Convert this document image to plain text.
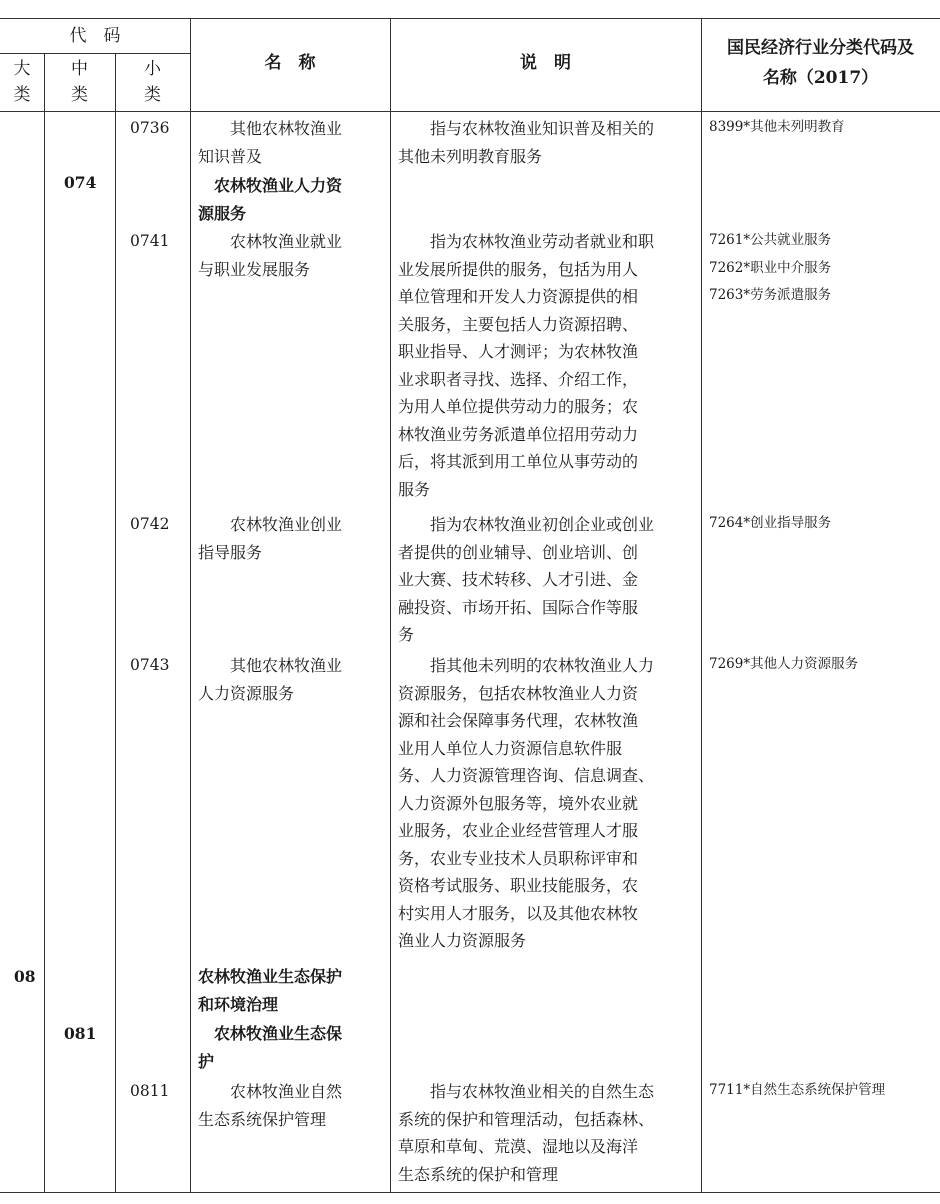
代　码

大
类

中
类

小
类

名　称	说　明

国民经济行业分类代码及
名称（2017）

08

074

081

0736

0741

0742

0743

0811

　　其他农林牧渔业
知识普及

　农林牧渔业人力资
源服务

　　农林牧渔业就业
与职业发展服务

　　农林牧渔业创业
指导服务

　　其他农林牧渔业
人力资源服务

农林牧渔业生态保护
和环境治理

　农林牧渔业生态保
护

　　农林牧渔业自然
生态系统保护管理

　　指与农林牧渔业知识普及相关的
其他未列明教育服务

　　指为农林牧渔业劳动者就业和职
业发展所提供的服务，包括为用人
单位管理和开发人力资源提供的相
关服务，主要包括人力资源招聘、
职业指导、人才测评；为农林牧渔
业求职者寻找、选择、介绍工作，
为用人单位提供劳动力的服务；农
林牧渔业劳务派遣单位招用劳动力
后，将其派到用工单位从事劳动的
服务

　　指为农林牧渔业初创企业或创业
者提供的创业辅导、创业培训、创
业大赛、技术转移、人才引进、金
融投资、市场开拓、国际合作等服
务

　　指其他未列明的农林牧渔业人力
资源服务，包括农林牧渔业人力资
源和社会保障事务代理，农林牧渔
业用人单位人力资源信息软件服
务、人力资源管理咨询、信息调查、
人力资源外包服务等，境外农业就
业服务，农业企业经营管理人才服
务，农业专业技术人员职称评审和
资格考试服务、职业技能服务，农
村实用人才服务，以及其他农林牧
渔业人力资源服务

　　指与农林牧渔业相关的自然生态
系统的保护和管理活动，包括森林、
草原和草甸、荒漠、湿地以及海洋
生态系统的保护和管理

8399*其他未列明教育

7261*公共就业服务
7262*职业中介服务
7263*劳务派遣服务

7264*创业指导服务

7269*其他人力资源服务

7711*自然生态系统保护管理
